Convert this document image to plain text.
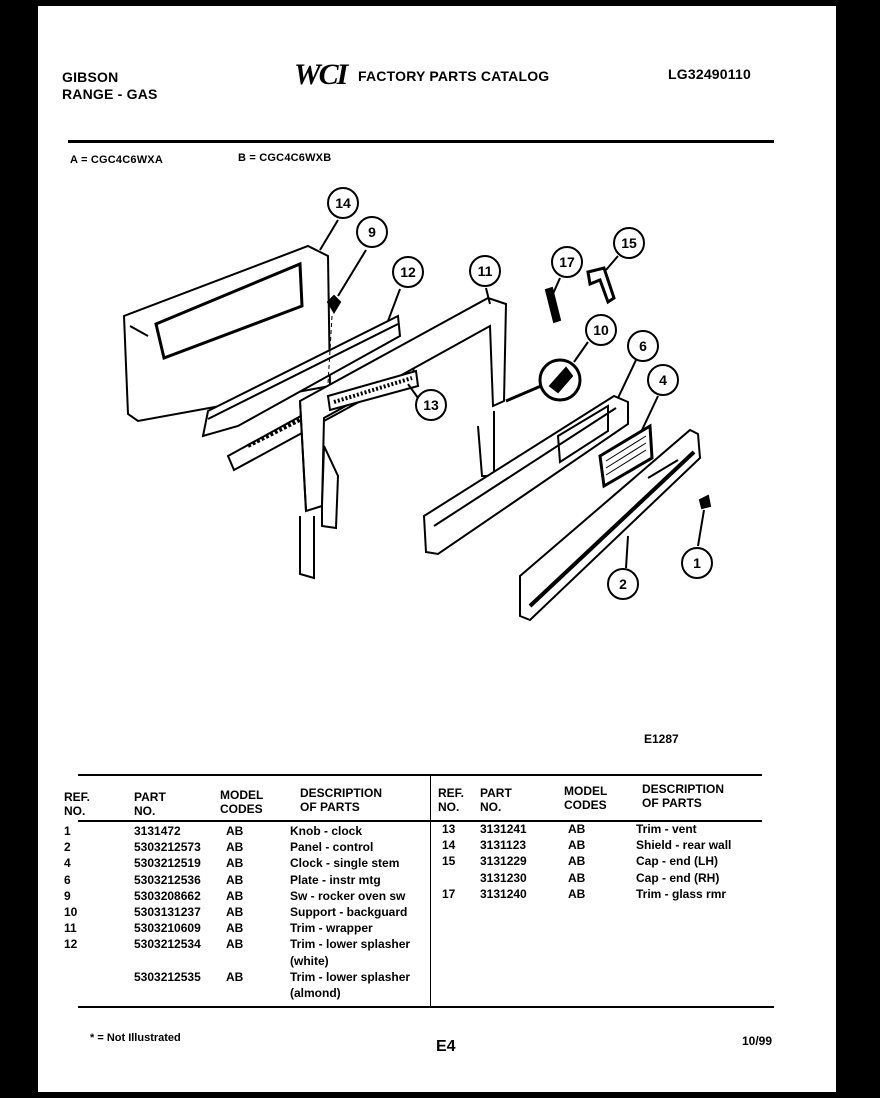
GIBSON
RANGE - GAS
WCI FACTORY PARTS CATALOG	LG32490110
A = CGC4C6WXA	B = CGC4C6WXB
14
9
12	11
17
15
10
6
4
13
1
2
E1287
REF.
NO.
PART
NO.
MODEL
CODES
DESCRIPTION
OF PARTS
1	3131472	AB	Knob - clock
2	5303212573 AB	Panel - control
4	5303212519 AB	Clock - single stem
6	5303212536 AB	Plate - instr mtg
9	5303208662 AB	Sw - rocker oven sw
10	5303131237 AB	Support - backguard
11	5303210609 AB	Trim - wrapper
12	5303212534 AB	Trim - lower splasher
(white)
5303212535 AB	Trim - lower splasher
(almond)
REF.
NO.
PART
NO.
MODEL
CODES
DESCRIPTION
OF PARTS
13 3131241	AB	Trim - vent
14 3131123	AB	Shield - rear wall
15 3131229	AB	Cap - end (LH)
3131230	AB	Cap - end (RH)
17 3131240	AB	Trim - glass rmr
* = Not Illustrated	E4	10/99
